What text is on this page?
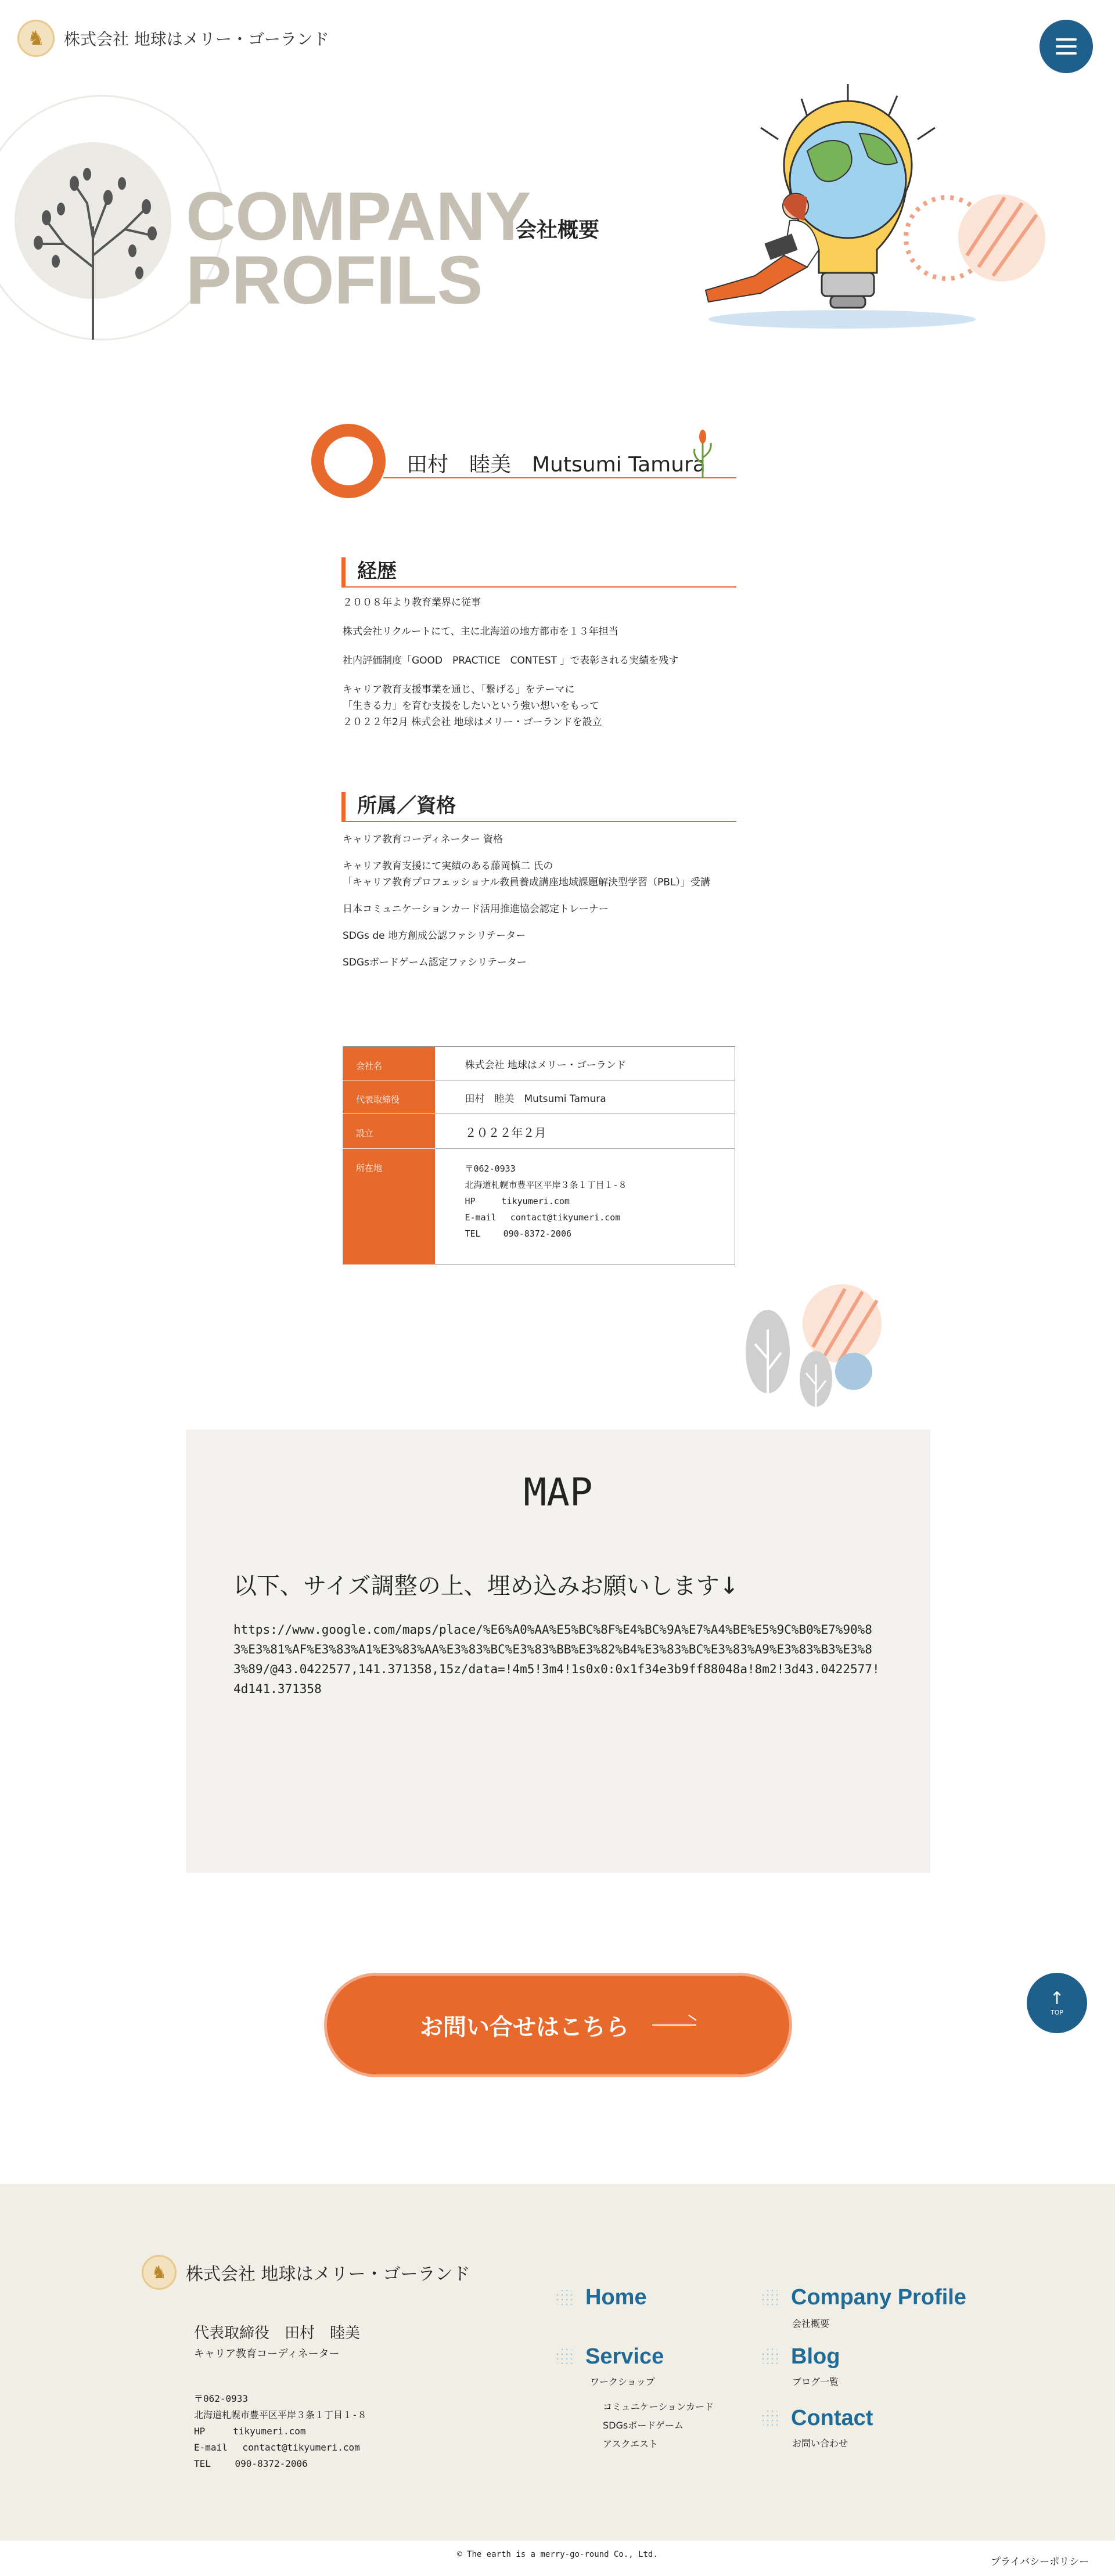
♞	株式会社 地球はメリー・ゴーランド
COMPANY
PROFILS
会社概要
田村　睦美　Mutsumi Tamura
経歴

２００８年より教育業界に従事

株式会社リクルートにて、主に北海道の地方都市を１３年担当

社内評価制度「GOOD　PRACTICE　CONTEST 」で表彰される実績を残す

キャリア教育支援事業を通じ、「繋げる」をテーマに
「生きる力」を育む支援をしたいという強い想いをもって
２０２２年2月 株式会社 地球はメリー・ゴーランドを設立

所属／資格

キャリア教育コーディネーター 資格

キャリア教育支援にて実績のある藤岡慎二 氏の
「キャリア教育プロフェッショナル教員養成講座地域課題解決型学習（PBL）」受講

日本コミュニケーションカード活用推進協会認定トレーナー

SDGs de 地方創成公認ファシリテーター

SDGsボードゲーム認定ファシリテーター

会社名	株式会社 地球はメリー・ゴーランド
代表取締役	田村　睦美　Mutsumi Tamura
設立	２０２２年２月
所在地	〒062-0933
北海道札幌市豊平区平岸３条１丁目１-８
HP　　　tikyumeri.com
E-mail　 contact@tikyumeri.com
TEL　　 090-8372-2006
MAP
以下、サイズ調整の上、埋め込みお願いします↓
https://www.google.com/maps/place/%E6%A0%AA%E5%BC%8F%E4%BC%9A%E7%A4%BE%E5%9C%B0%E7%90%83%E3%81%AF%E3%83%A1%E3%83%AA%E3%83%BC%E3%83%BB%E3%82%B4%E3%83%BC%E3%83%A9%E3%83%B3%E3%83%89/@43.0422577,141.371358,15z/data=!4m5!3m4!1s0x0:0x1f34e3b9ff88048a!8m2!3d43.0422577!4d141.371358
お問い合せはこちら
↑
TOP
♞	株式会社 地球はメリー・ゴーランド
代表取締役　田村　睦美
キャリア教育コーディネーター
〒062-0933
北海道札幌市豊平区平岸３条１丁目１-８
HP　　　tikyumeri.com
E-mail　 contact@tikyumeri.com
TEL　　 090-8372-2006
Home
Service
ワークショップ
コミュニケーションカード
SDGsボードゲーム
アスクエスト
Company Profile
会社概要
Blog
ブログ一覧
Contact
お問い合わせ
© The earth is a merry-go-round Co., Ltd.
プライバシーポリシー
